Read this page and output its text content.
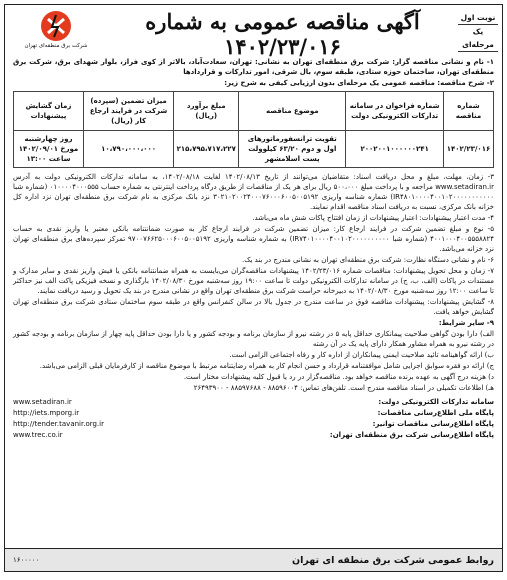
نوبت اول
یک مرحله‌ای
آگهی مناقصه عمومی به شماره ۱۴۰۲/۲۳/۰۱۶
شرکت برق منطقه‌ای تهران

۱- نام و نشانی مناقصه گزار: شرکت برق منطقه‌ای تهران به نشانی: تهران، سعادت‌آباد، بالاتر از کوی فراز، بلوار شهدای برق، شرکت برق منطقه‌ای تهران، ساختمان حوزه ستادی، طبقه سوم، بال شرقی، امور تدارکات و قراردادها

۲- شرح مناقصه: مناقصه عمومی یک مرحله‌ای بدون ارزیابی کیفی به شرح زیر:

شماره مناقصه	شماره فراخوان در سامانه تدارکات الکترونیکی دولت	موضوع مناقصه	مبلغ برآورد (ریال)	میزان تضمین (سپرده) شرکت در فرایند ارجاع کار (ریال)	زمان گشایش پیشنهادات
۱۴۰۲/۲۳/۰۱۶	۲۰۰۲۰۰۱۰۰۰۰۰۰۲۴۱	تقویت ترانسفورماتورهای اول و دوم ۶۳/۲۰ کیلوولت پست اسلامشهر	۲۱۵،۷۹۵،۷۱۷،۲۲۷	۱۰،۷۹۰،۰۰۰،۰۰۰	روز چهارشنبه مورخ ۱۴۰۲/۰۹/۰۱ ساعت ۱۳:۰۰

۳- زمان، مهلت، مبلغ و محل دریافت اسناد: متقاضیان می‌توانند از تاریخ ۱۴۰۲/۰۸/۱۳ لغایت ۱۴۰۲/۰۸/۱۸، به سامانه تدارکات الکترونیکی دولت به آدرس www.setadiran.ir مراجعه و با پرداخت مبلغ ۵۰۰،۰۰۰ ریال برای هر یک از مناقصات از طریق درگاه پرداخت اینترنتی به شماره حساب ۰۱۰۰۰۰۴۰۰۰۵۵۵ (شماره شبا IR۴۸۰۱۰۰۰۰۴۰۰۱۰۲۰۰۰۰۰۰۰۰۰۰۰) شماره شناسه واریزی ۳۰۲۱۰۲۰۰۲۴۰۰۰۷۶۰۰۰۶۰۰۵۰۰۵۱۹۲ نزد بانک مرکزی به نام شرکت برق منطقه‌ای تهران نزد اداره کل خزانه بانک مرکزی، نسبت به دریافت اسناد مناقصه اقدام نمایند.

۴- مدت اعتبار پیشنهادات: اعتبار پیشنهادات از زمان افتتاح پاکات شش ماه می‌باشد.

۵- نوع و مبلغ تضمین شرکت در فرایند ارجاع کار: میزان تضمین شرکت در فرایند ارجاع کار به صورت ضمانتنامه بانکی معتبر یا واریز نقدی به حساب ۴۰۰۱۰۰۰۴۰۰۵۵۵۸۸۲۴ (شماره شبا IR۷۴۰۱۰۰۰۰۴۰۰۱۰۲۰۰۰۰۰۰۰۰۰۰) به شماره شناسه واریزی ۹۷۰۰۷۶۶۲۵۰۰۰۶۰۰۵۰۰۵۱۹۲ تمرکز سپرده‌های برق منطقه‌ای تهران نزد خزانه می‌باشد.

۶- نام و نشانی دستگاه نظارت: شرکت برق منطقه‌ای تهران به نشانی مندرج در بند یک.

۷- زمان و محل تحویل پیشنهادات: مناقصات شماره ۱۴۰۲/۲۳/۰۱۶ پیشنهادات مناقصه‌گران می‌بایست به همراه ضمانتنامه بانکی یا فیش واریز نقدی و سایر مدارک و مستندات در پاکات (الف، ب، ج) در سامانه تدارکات الکترونیکی دولت تا ساعت ۱۹:۰۰ روز سه‌شنبه مورخ ۱۴۰۲/۰۸/۳۰ بارگذاری و نسخه فیزیکی پاکت الف نیز حداکثر تا ساعت ۱۲:۰۰ روز سه‌شنبه مورخ ۱۴۰۲/۰۸/۳۰ به دبیرخانه حراست شرکت برق منطقه‌ای تهران واقع در نشانی مندرج در بند یک تحویل و رسید دریافت نمایند.

۸- گشایش پیشنهادات: پیشنهادات مناقصه فوق در ساعت مندرج در جدول بالا در سالن کنفرانس واقع در طبقه سوم ساختمان ستادی شرکت برق منطقه‌ای تهران گشایش خواهد یافت.

۹- سایر شرایط:

الف) دارا بودن گواهی صلاحیت پیمانکاری حداقل پایه ۵ در رشته نیرو از سازمان برنامه و بودجه کشور و یا دارا بودن حداقل پایه چهار از سازمان برنامه و بودجه کشور در رشته نیرو به همراه مشاور همکار دارای پایه یک در آن رشته

ب) ارائه گواهینامه تائید صلاحیت ایمنی پیمانکاران از اداره کار و رفاه اجتماعی الزامی است.

ج) ارائه دو فقره سوابق اجرایی شامل موافقتنامه قرارداد و حسن انجام کار به همراه رضایتنامه مرتبط با موضوع مناقصه از کارفرمایان قبلی الزامی می‌باشد.

د) هزینه درج آگهی به عهده برنده مناقصه خواهد بود. مناقصه‌گزار در رد یا قبول کلیه پیشنهادات مختار است.

هـ) اطلاعات تکمیلی در اسناد مناقصه مندرج است. تلفن‌های تماس: ۸۸۵۹۶۰۰۴ - ۸۸۵۹۷۶۸۸ - ۲۶۴۹۳۹۰۰

سامانه تدارکات الکترونیکی دولت:
www.setadiran.ir
پایگاه ملی اطلاع‌رسانی مناقصات:
http://iets.mporg.ir
پایگاه اطلاع‌رسانی مناقصات توانیر:
http://tender.tavanir.org.ir
پایگاه اطلاع‌رسانی شرکت برق منطقه‌ای تهران:
www.trec.co.ir
روابط عمومی شرکت برق منطقه ای تهران
۱۶۰۰۰۰۰
